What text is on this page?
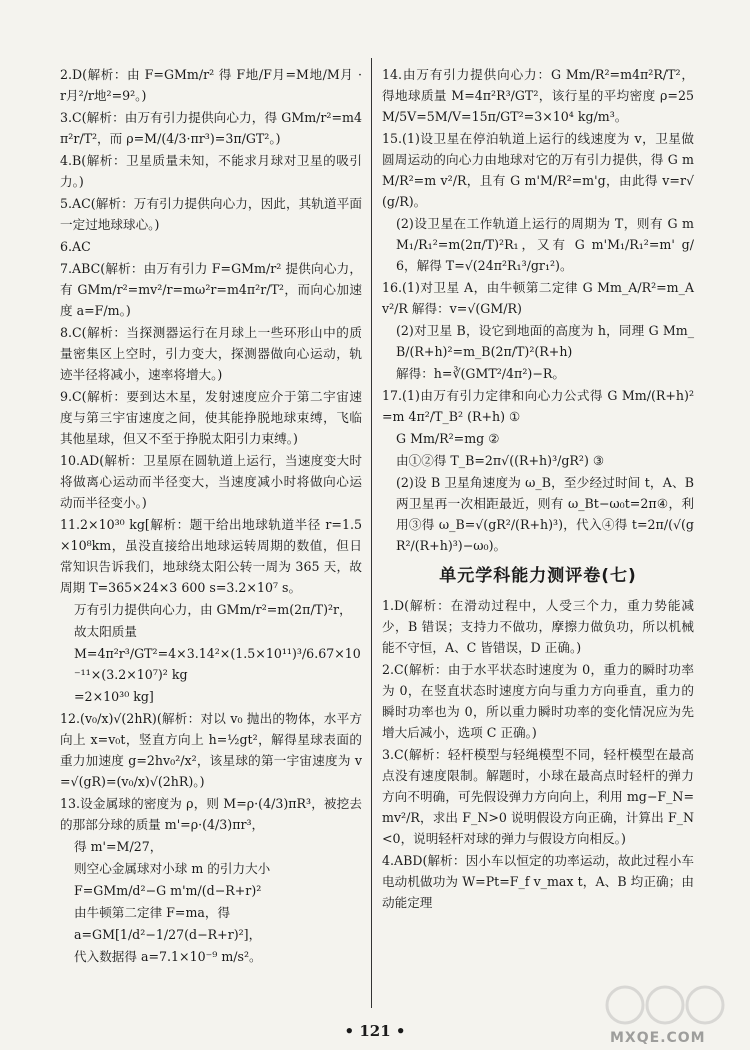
2.D(解析：由 F=GMm/r² 得 F地/F月=M地/M月 · r月²/r地²=9²。)

3.C(解析：由万有引力提供向心力，得 GMm/r²=m4π²r/T²，而 ρ=M/(4/3·πr³)=3π/GT²。)

4.B(解析：卫星质量未知，不能求月球对卫星的吸引力。)

5.AC(解析：万有引力提供向心力，因此，其轨道平面一定过地球球心。)

6.AC

7.ABC(解析：由万有引力 F=GMm/r² 提供向心力，有 GMm/r²=mv²/r=mω²r=m4π²r/T²，而向心加速度 a=F/m。)

8.C(解析：当探测器运行在月球上一些环形山中的质量密集区上空时，引力变大，探测器做向心运动，轨迹半径将减小，速率将增大。)

9.C(解析：要到达木星，发射速度应介于第二宇宙速度与第三宇宙速度之间，使其能挣脱地球束缚，飞临其他星球，但又不至于挣脱太阳引力束缚。)

10.AD(解析：卫星原在圆轨道上运行，当速度变大时将做离心运动而半径变大，当速度减小时将做向心运动而半径变小。)

11.2×10³⁰ kg[解析：题干给出地球轨道半径 r=1.5×10⁸km，虽没直接给出地球运转周期的数值，但日常知识告诉我们，地球绕太阳公转一周为 365 天，故周期 T=365×24×3 600 s=3.2×10⁷ s。

万有引力提供向心力，由 GMm/r²=m(2π/T)²r，

故太阳质量

M=4π²r³/GT²=4×3.14²×(1.5×10¹¹)³/6.67×10⁻¹¹×(3.2×10⁷)² kg

=2×10³⁰ kg]

12.(v₀/x)√(2hR)(解析：对以 v₀ 抛出的物体，水平方向上 x=v₀t，竖直方向上 h=½gt²，解得星球表面的重力加速度 g=2hv₀²/x²，该星球的第一宇宙速度为 v=√(gR)=(v₀/x)√(2hR)。)

13.设金属球的密度为 ρ，则 M=ρ·(4/3)πR³，被挖去的那部分球的质量 m'=ρ·(4/3)πr³，

得 m'=M/27，

则空心金属球对小球 m 的引力大小

F=GMm/d²−G m'm/(d−R+r)²

由牛顿第二定律 F=ma，得

a=GM[1/d²−1/27(d−R+r)²]，

代入数据得 a=7.1×10⁻⁹ m/s²。

14.由万有引力提供向心力：G Mm/R²=m4π²R/T²，得地球质量 M=4π²R³/GT²，该行星的平均密度 ρ=25M/5V=5M/V=15π/GT²=3×10⁴ kg/m³。

15.(1)设卫星在停泊轨道上运行的线速度为 v，卫星做圆周运动的向心力由地球对它的万有引力提供，得 G mM/R²=m v²/R，且有 G m'M/R²=m'g，由此得 v=r√(g/R)。

(2)设卫星在工作轨道上运行的周期为 T，则有 G mM₁/R₁²=m(2π/T)²R₁，又有 G m'M₁/R₁²=m' g/6，解得 T=√(24π²R₁³/gr₁²)。

16.(1)对卫星 A，由牛顿第二定律 G Mm_A/R²=m_A v²/R 解得：v=√(GM/R)

(2)对卫星 B，设它到地面的高度为 h，同理 G Mm_B/(R+h)²=m_B(2π/T)²(R+h)

解得：h=∛(GMT²/4π²)−R。

17.(1)由万有引力定律和向心力公式得 G Mm/(R+h)²=m 4π²/T_B² (R+h) ①

G Mm/R²=mg ②

由①②得 T_B=2π√((R+h)³/gR²) ③

(2)设 B 卫星角速度为 ω_B，至少经过时间 t，A、B 两卫星再一次相距最近，则有 ω_Bt−ω₀t=2π④，利用③得 ω_B=√(gR²/(R+h)³)，代入④得 t=2π/(√(gR²/(R+h)³)−ω₀)。

单元学科能力测评卷(七)

1.D(解析：在滑动过程中，人受三个力，重力势能减少，B 错误；支持力不做功，摩擦力做负功，所以机械能不守恒，A、C 皆错误，D 正确。)

2.C(解析：由于水平状态时速度为 0，重力的瞬时功率为 0，在竖直状态时速度方向与重力方向垂直，重力的瞬时功率也为 0，所以重力瞬时功率的变化情况应为先增大后减小，选项 C 正确。)

3.C(解析：轻杆模型与轻绳模型不同，轻杆模型在最高点没有速度限制。解题时，小球在最高点时轻杆的弹力方向不明确，可先假设弹力方向向上，利用 mg−F_N=mv²/R，求出 F_N>0 说明假设方向正确，计算出 F_N<0，说明轻杆对球的弹力与假设方向相反。)

4.ABD(解析：因小车以恒定的功率运动，故此过程小车电动机做功为 W=Pt=F_f v_max t，A、B 均正确；由动能定理

• 121 •	MXQE.COM
